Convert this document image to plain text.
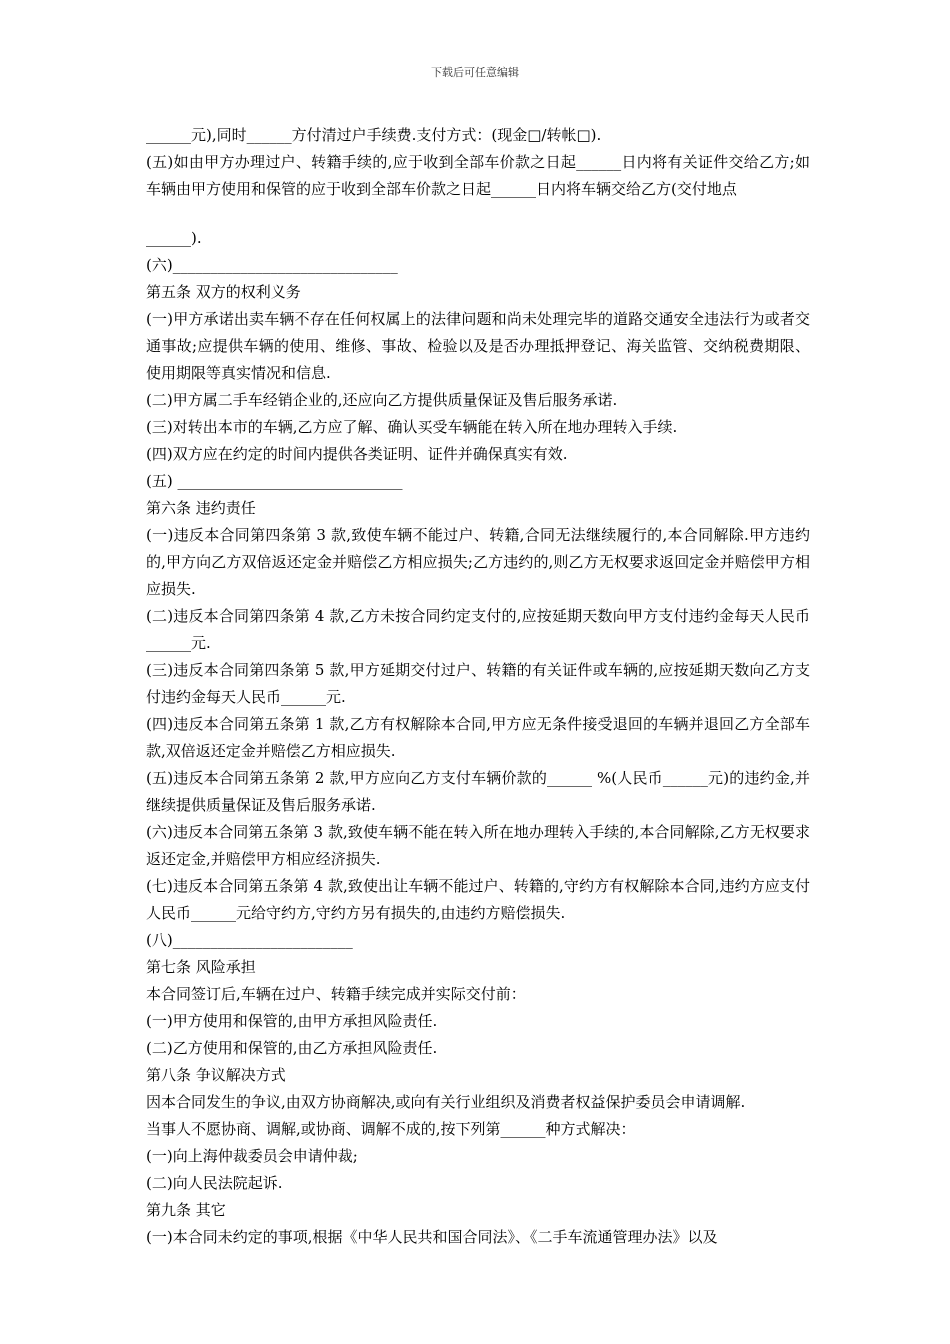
下载后可任意编辑

______元),同时______方付清过户手续费.支付方式：(现金□/转帐□).

(五)如由甲方办理过户、转籍手续的,应于收到全部车价款之日起______日内将有关证件交给乙方;如车辆由甲方使用和保管的应于收到全部车价款之日起______日内将车辆交给乙方(交付地点

______).

(六)______________________________

第五条 双方的权利义务

(一)甲方承诺出卖车辆不存在任何权属上的法律问题和尚未处理完毕的道路交通安全违法行为或者交通事故;应提供车辆的使用、维修、事故、检验以及是否办理抵押登记、海关监管、交纳税费期限、使用期限等真实情况和信息.

(二)甲方属二手车经销企业的,还应向乙方提供质量保证及售后服务承诺.

(三)对转出本市的车辆,乙方应了解、确认买受车辆能在转入所在地办理转入手续.

(四)双方应在约定的时间内提供各类证明、证件并确保真实有效.

(五) ______________________________

第六条 违约责任

(一)违反本合同第四条第 3 款,致使车辆不能过户、转籍,合同无法继续履行的,本合同解除.甲方违约的,甲方向乙方双倍返还定金并赔偿乙方相应损失;乙方违约的,则乙方无权要求返回定金并赔偿甲方相应损失.

(二)违反本合同第四条第 4 款,乙方未按合同约定支付的,应按延期天数向甲方支付违约金每天人民币______元.

(三)违反本合同第四条第 5 款,甲方延期交付过户、转籍的有关证件或车辆的,应按延期天数向乙方支付违约金每天人民币______元.

(四)违反本合同第五条第 1 款,乙方有权解除本合同,甲方应无条件接受退回的车辆并退回乙方全部车款,双倍返还定金并赔偿乙方相应损失.

(五)违反本合同第五条第 2 款,甲方应向乙方支付车辆价款的______ %(人民币______元)的违约金,并继续提供质量保证及售后服务承诺.

(六)违反本合同第五条第 3 款,致使车辆不能在转入所在地办理转入手续的,本合同解除,乙方无权要求返还定金,并赔偿甲方相应经济损失.

(七)违反本合同第五条第 4 款,致使出让车辆不能过户、转籍的,守约方有权解除本合同,违约方应支付人民币______元给守约方,守约方另有损失的,由违约方赔偿损失.

(八)________________________

第七条 风险承担

本合同签订后,车辆在过户、转籍手续完成并实际交付前：

(一)甲方使用和保管的,由甲方承担风险责任.

(二)乙方使用和保管的,由乙方承担风险责任.

第八条 争议解决方式

因本合同发生的争议,由双方协商解决,或向有关行业组织及消费者权益保护委员会申请调解.

当事人不愿协商、调解,或协商、调解不成的,按下列第______种方式解决：

(一)向上海仲裁委员会申请仲裁;

(二)向人民法院起诉.

第九条 其它

(一)本合同未约定的事项,根据《中华人民共和国合同法》、《二手车流通管理办法》以及
